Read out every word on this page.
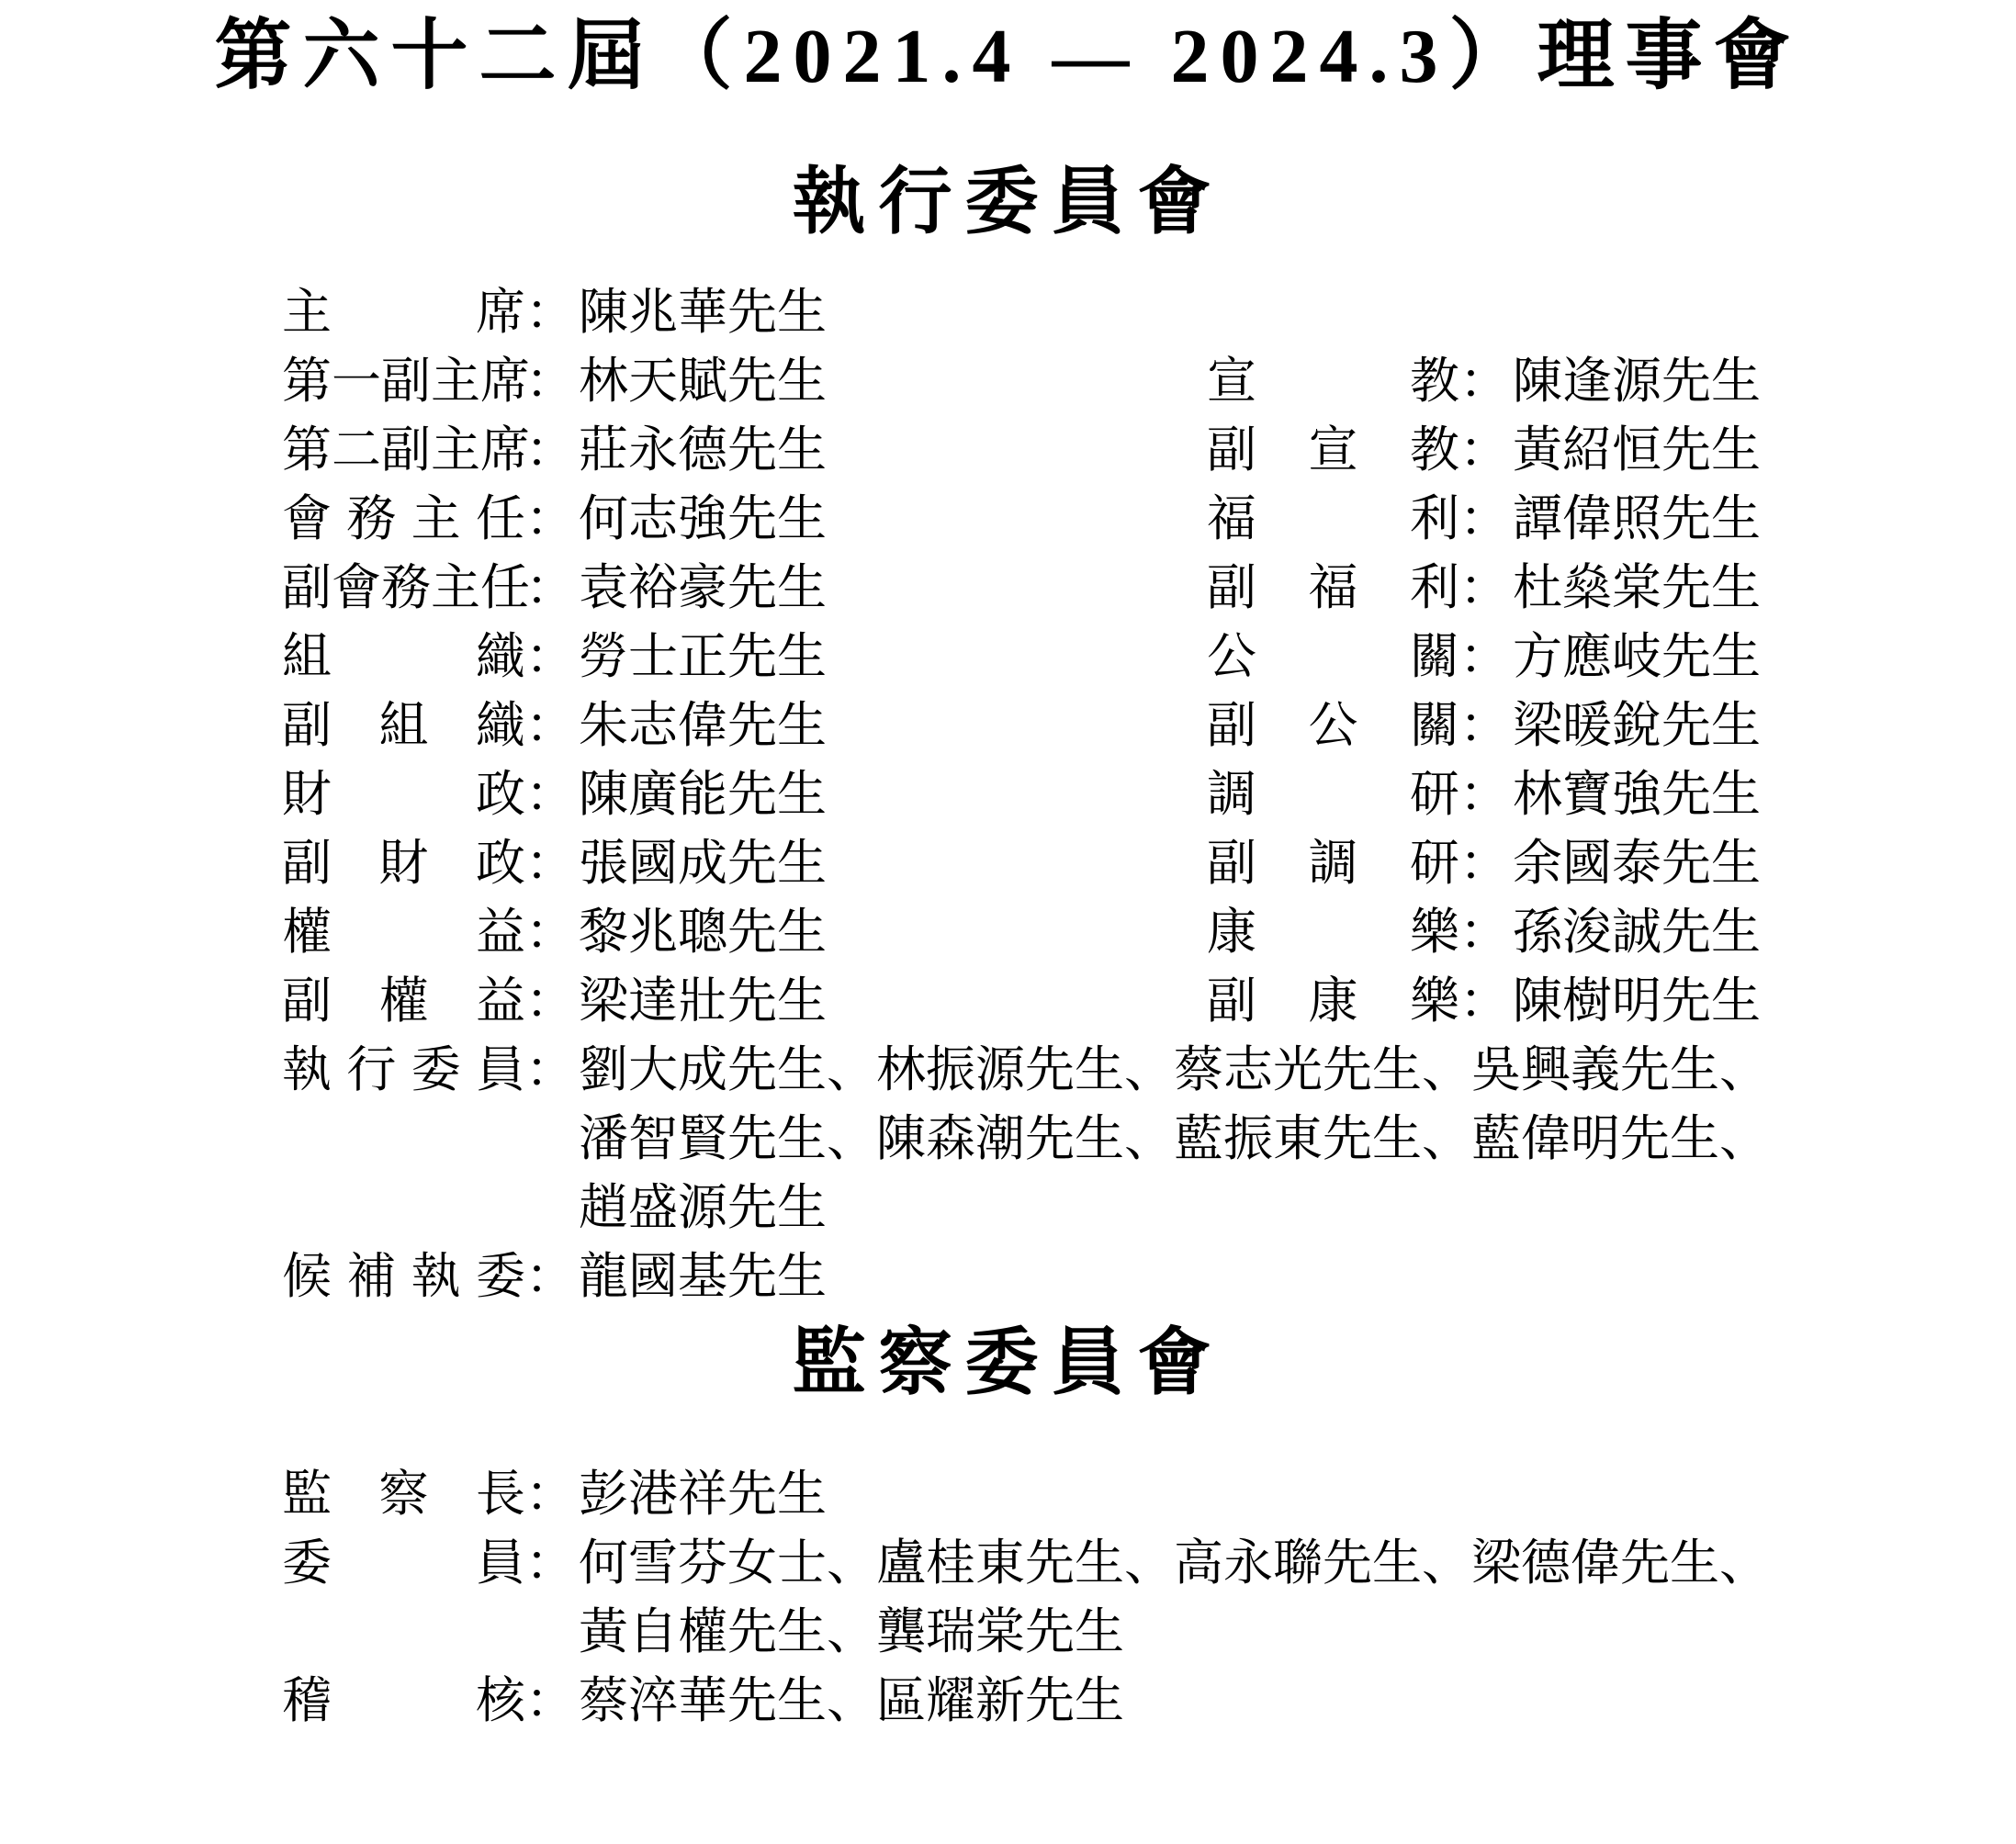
第六十二屆（2021.4 — 2024.3）理事會
執行委員會
主席：陳兆華先生
第一副主席：林天賦先生
第二副主席：莊永德先生
會務主任：何志強先生
副會務主任：袁裕豪先生
組織：勞士正先生
副組織：朱志偉先生
財政：陳廣能先生
副財政：張國成先生
權益：黎兆聰先生
副權益：梁達壯先生
執行委員 ： 劉大成先生、林振源先生、蔡志光先生、吳興義先生、
潘智賢先生、陳森潮先生、藍振東先生、藍偉明先生、
趙盛源先生
候補執委：龍國基先生
宣教：陳逢源先生
副宣教：黃紹恒先生
福利：譚偉照先生
副福利：杜燊棠先生
公關：方應岐先生
副公關：梁暖銳先生
調研：林寶強先生
副調研：余國泰先生
康樂：孫浚誠先生
副康樂：陳樹明先生
監察委員會
監察長：彭港祥先生
委員 ： 何雪芬女士、盧桂東先生、高永聯先生、梁德偉先生、
黃自權先生、龔瑞棠先生
稽核：蔡淬華先生、區耀新先生
